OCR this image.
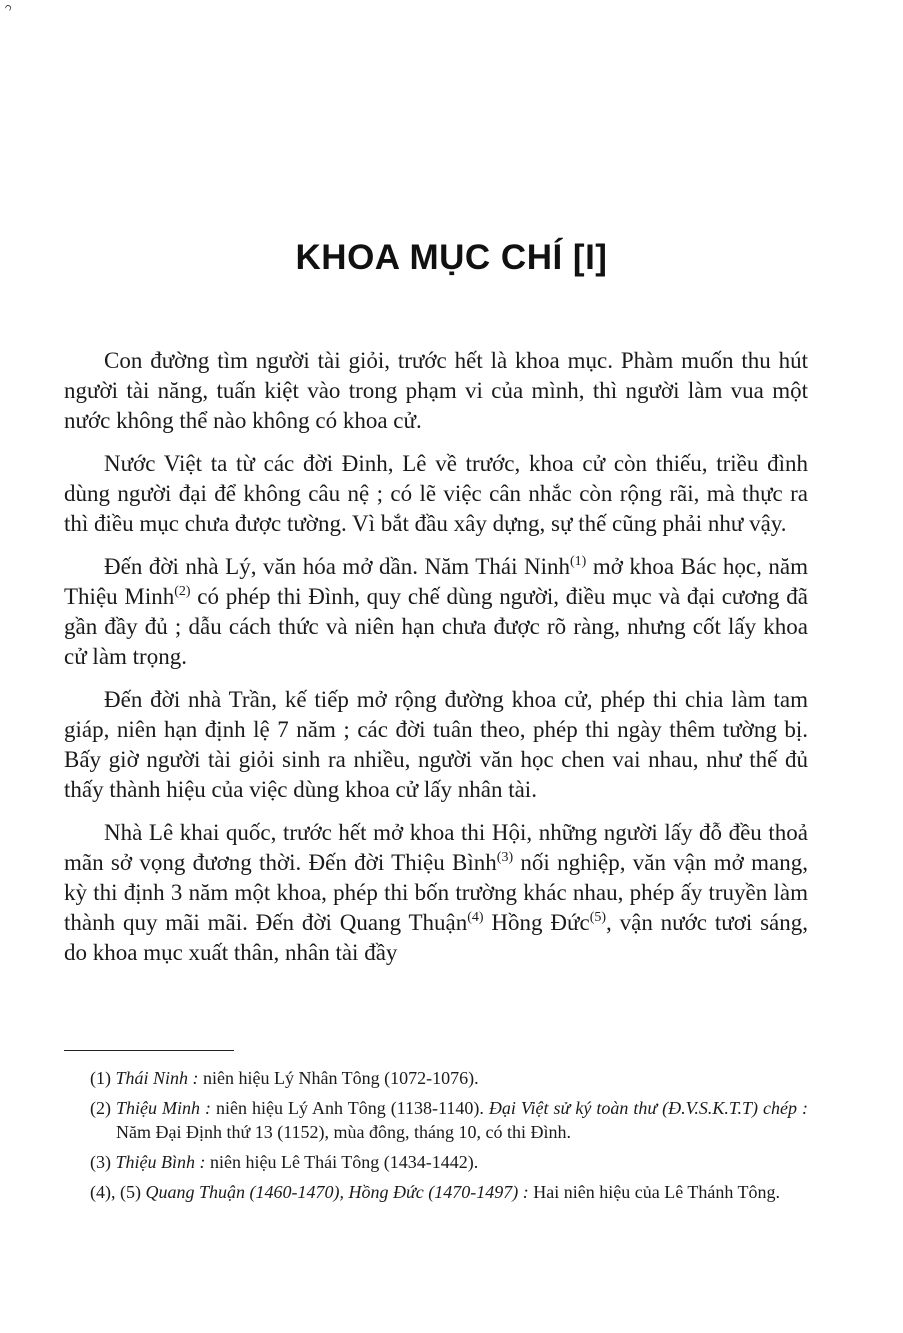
ↄ
KHOA MỤC CHÍ [I]

Con đường tìm người tài giỏi, trước hết là khoa mục. Phàm muốn thu hút người tài năng, tuấn kiệt vào trong phạm vi của mình, thì người làm vua một nước không thể nào không có khoa cử.

Nước Việt ta từ các đời Đinh, Lê về trước, khoa cử còn thiếu, triều đình dùng người đại để không câu nệ ; có lẽ việc cân nhắc còn rộng rãi, mà thực ra thì điều mục chưa được tường. Vì bắt đầu xây dựng, sự thế cũng phải như vậy.

Đến đời nhà Lý, văn hóa mở dần. Năm Thái Ninh$^{(1)}$ mở khoa Bác học, năm Thiệu Minh$^{(2)}$ có phép thi Đình, quy chế dùng người, điều mục và đại cương đã gần đầy đủ ; dẫu cách thức và niên hạn chưa được rõ ràng, nhưng cốt lấy khoa cử làm trọng.

Đến đời nhà Trần, kế tiếp mở rộng đường khoa cử, phép thi chia làm tam giáp, niên hạn định lệ 7 năm ; các đời tuân theo, phép thi ngày thêm tường bị. Bấy giờ người tài giỏi sinh ra nhiều, người văn học chen vai nhau, như thế đủ thấy thành hiệu của việc dùng khoa cử lấy nhân tài.

Nhà Lê khai quốc, trước hết mở khoa thi Hội, những người lấy đỗ đều thoả mãn sở vọng đương thời. Đến đời Thiệu Bình$^{(3)}$ nối nghiệp, văn vận mở mang, kỳ thi định 3 năm một khoa, phép thi bốn trường khác nhau, phép ấy truyền làm thành quy mãi mãi. Đến đời Quang Thuận$^{(4)}$ Hồng Đức$^{(5)}$, vận nước tươi sáng, do khoa mục xuất thân, nhân tài đầy

(1) Thái Ninh : niên hiệu Lý Nhân Tông (1072-1076).

(2) Thiệu Minh : niên hiệu Lý Anh Tông (1138-1140). Đại Việt sử ký toàn thư (Đ.V.S.K.T.T) chép : Năm Đại Định thứ 13 (1152), mùa đông, tháng 10, có thi Đình.

(3) Thiệu Bình : niên hiệu Lê Thái Tông (1434-1442).

(4), (5) Quang Thuận (1460-1470), Hồng Đức (1470-1497) : Hai niên hiệu của Lê Thánh Tông.
